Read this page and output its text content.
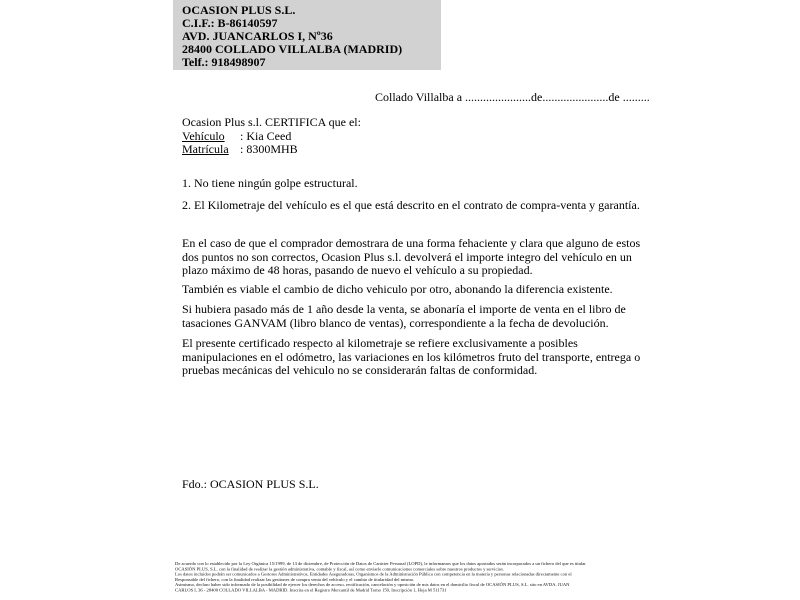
OCASION PLUS S.L.
C.I.F.: B-86140597
AVD. JUANCARLOS I, Nº36
28400 COLLADO VILLALBA (MADRID)
Telf.: 918498907
Collado Villalba a ......................de......................de .........
Ocasion Plus s.l. CERTIFICA que el:
Vehículo : Kia Ceed
Matrícula : 8300MHB
1. No tiene ningún golpe estructural.
2. El Kilometraje del vehículo es el que está descrito en el contrato de compra-venta y garantía.
En el caso de que el comprador demostrara de una forma fehaciente y clara que alguno de estos dos puntos no son correctos, Ocasion Plus s.l. devolverá el importe integro del vehículo en un plazo máximo de 48 horas, pasando de nuevo el vehículo a su propiedad.
También es viable el cambio de dicho vehiculo por otro, abonando la diferencia existente.
Si hubiera pasado más de 1 año desde la venta, se abonaría el importe de venta en el libro de tasaciones GANVAM (libro blanco de ventas), correspondiente a la fecha de devolución.
El presente certificado respecto al kilometraje se refiere exclusivamente a posibles manipulaciones en el odómetro, las variaciones en los kilómetros fruto del transporte, entrega o pruebas mecánicas del vehiculo no se considerarán faltas de conformidad.
Fdo.: OCASION PLUS S.L.
De acuerdo con lo establecido por la Ley Orgánica 15/1999, de 13 de diciembre, de Protección de Datos de Carácter Personal (LOPD), le informamos que los datos aportados serán incorporados a un fichero del que es titular
OCASIÓN PLUS, S.L. con la finalidad de realizar la gestión administrativa, contable y fiscal, así como enviarle comunicaciones comerciales sobre nuestros productos y servicios.
Los datos incluidos podrán ser comunicados a Gestores Administrativos, Entidades Aseguradoras, Organismos de la Administración Pública con competencia en la materia y personas relacionadas directamente con el
Responsable del fichero, con la finalidad realizar las gestiones de compra venta del vehículo y el cambio de titularidad del mismo.
Asimismo, declaro haber sido informado de la posibilidad de ejercer los derechos de acceso, rectificación, cancelación y oposición de mis datos en el domicilio fiscal de OCASIÓN PLUS, S.L. sito en AVDA. JUAN
CARLOS I, 36 - 28400 COLLADO VILLALBA - MADRID. Inscrita en el Registro Mercantil de Madrid Tomo 150, Inscripción 1, Hoja M 511731
